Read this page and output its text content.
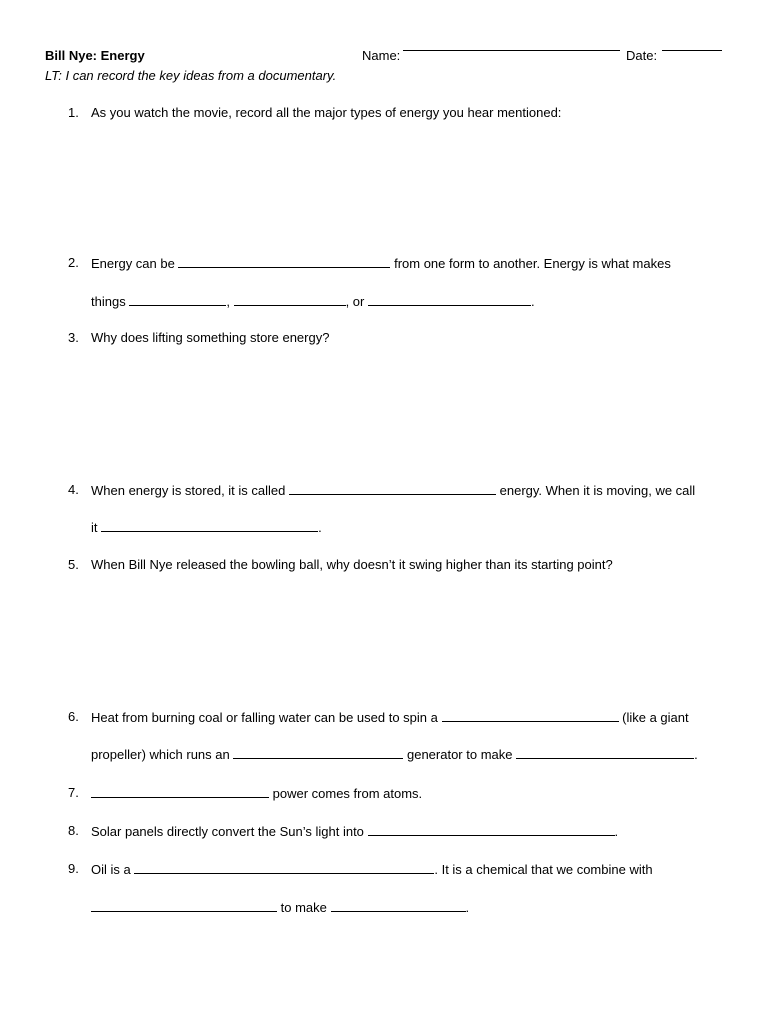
Bill Nye: Energy
LT: I can record the key ideas from a documentary.
Name:	Date:
1. As you watch the movie, record all the major types of energy you hear mentioned:
2. Energy can be	from one form to another. Energy is what makes
things	,	, or	.
3. Why does lifting something store energy?
4. When energy is stored, it is called	energy. When it is moving, we call
it	.
5. When Bill Nye released the bowling ball, why doesn’t it swing higher than its starting point?
6. Heat from burning coal or falling water can be used to spin a	(like a giant
propeller) which runs an	generator to make	.
7.	power comes from atoms.
8. Solar panels directly convert the Sun’s light into	.
9. Oil is a	. It is a chemical that we combine with
to make	.
